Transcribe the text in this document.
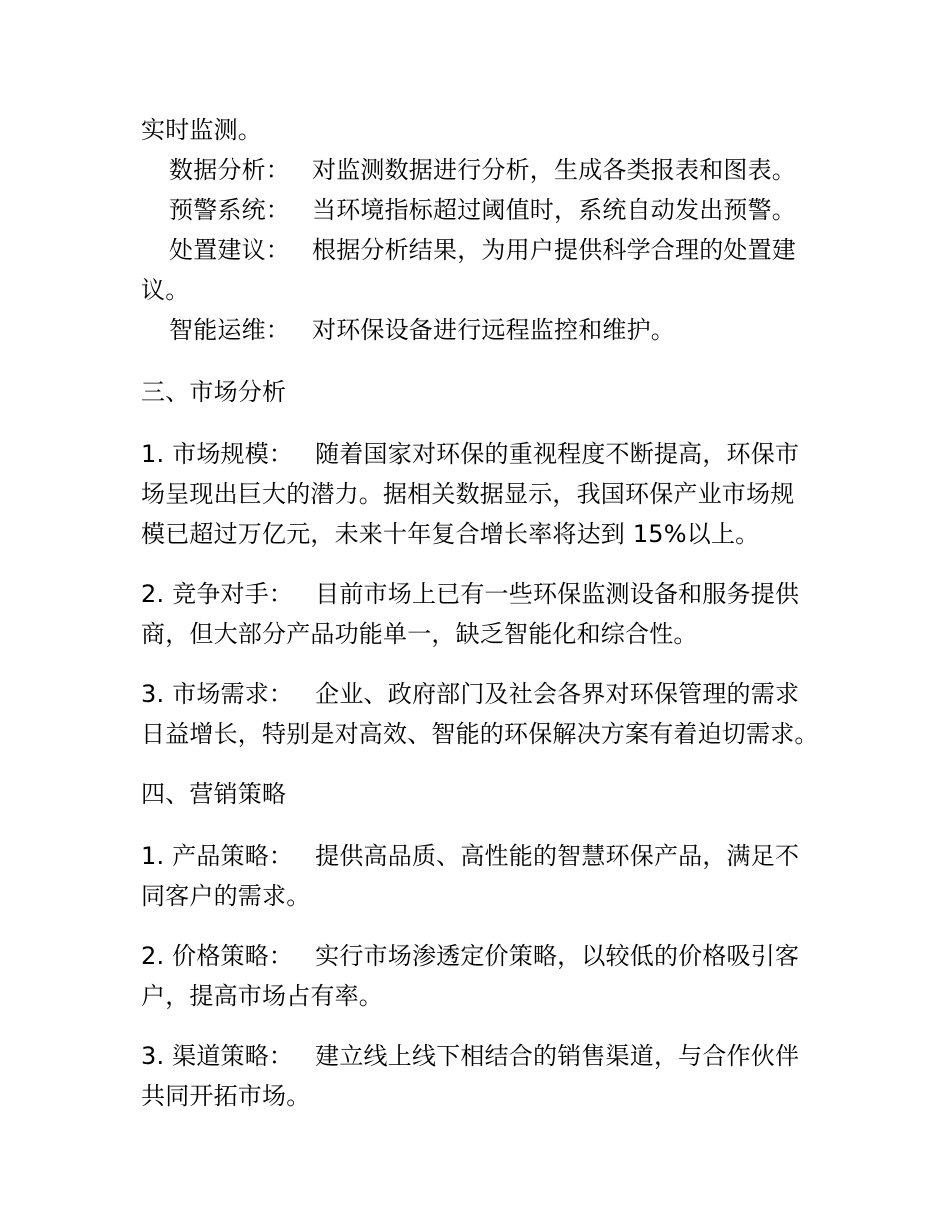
实时监测。

数据分析： 对监测数据进行分析，生成各类报表和图表。

预警系统： 当环境指标超过阈值时，系统自动发出预警。

处置建议： 根据分析结果，为用户提供科学合理的处置建

议。

智能运维： 对环保设备进行远程监控和维护。

三、市场分析

1. 市场规模： 随着国家对环保的重视程度不断提高，环保市

场呈现出巨大的潜力。据相关数据显示，我国环保产业市场规

模已超过万亿元，未来十年复合增长率将达到 15%以上。

2. 竞争对手： 目前市场上已有一些环保监测设备和服务提供

商，但大部分产品功能单一，缺乏智能化和综合性。

3. 市场需求： 企业、政府部门及社会各界对环保管理的需求

日益增长，特别是对高效、智能的环保解决方案有着迫切需求。

四、营销策略

1. 产品策略： 提供高品质、高性能的智慧环保产品，满足不

同客户的需求。

2. 价格策略： 实行市场渗透定价策略，以较低的价格吸引客

户，提高市场占有率。

3. 渠道策略： 建立线上线下相结合的销售渠道，与合作伙伴

共同开拓市场。
